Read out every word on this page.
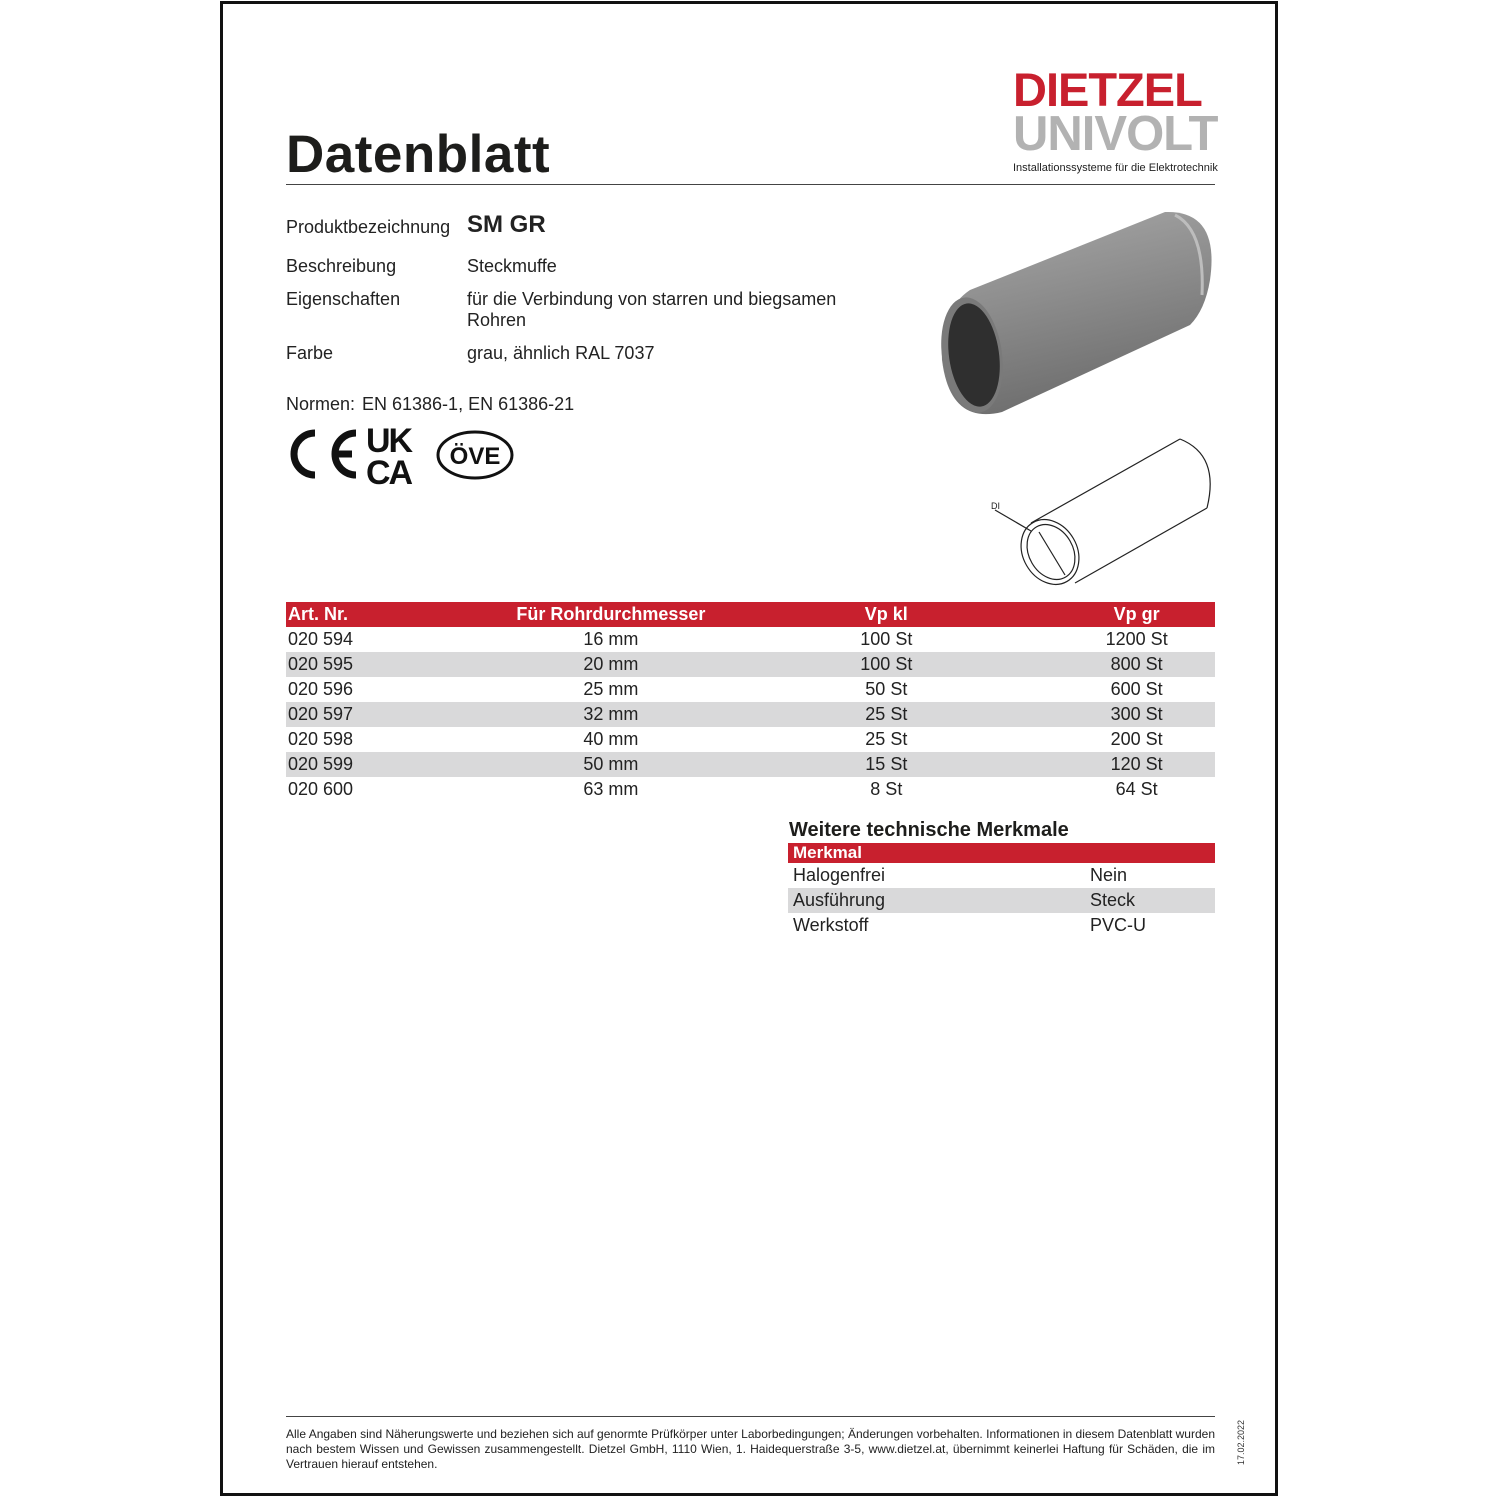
Datenblatt
DIETZEL
UNIVOLT
Installationssysteme für die Elektrotechnik
Produktbezeichnung SM GR
Beschreibung	Steckmuffe
Eigenschaften	für die Verbindung von starren und biegsamen
Rohren
Farbe	grau, ähnlich RAL 7037
Normen: EN 61386-1, EN 61386-21
UK
CA ÖVE
DI
Art. Nr.	Für Rohrdurchmesser	Vp kl	Vp gr
020 594	16 mm	100 St	1200 St
020 595	20 mm	100 St	800 St
020 596	25 mm	50 St	600 St
020 597	32 mm	25 St	300 St
020 598	40 mm	25 St	200 St
020 599	50 mm	15 St	120 St
020 600	63 mm	8 St	64 St
Weitere technische Merkmale
Merkmal	
Halogenfrei	Nein
Ausführung	Steck
Werkstoff	PVC-U
Alle Angaben sind Näherungswerte und beziehen sich auf genormte Prüfkörper unter Laborbedingungen; Änderungen vorbehalten. Informationen in diesem Datenblatt wurden nach bestem Wissen und Gewissen zusammengestellt. Dietzel GmbH, 1110 Wien, 1. Haidequerstraße 3-5, www.dietzel.at, übernimmt keinerlei Haftung für Schäden, die im Vertrauen hierauf entstehen.	17.02.2022
